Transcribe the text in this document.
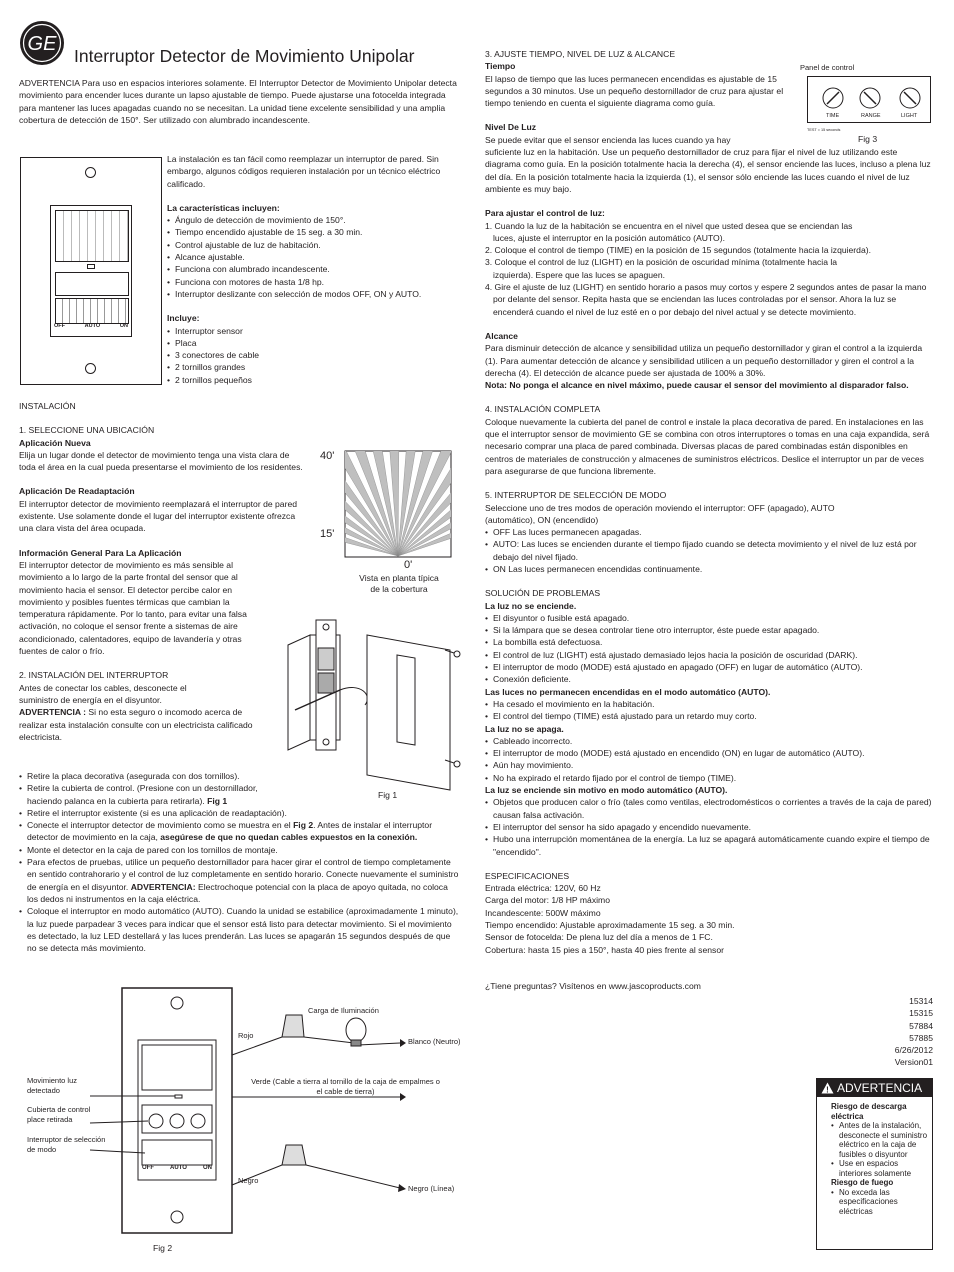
GE
Interruptor Detector de Movimiento Unipolar

ADVERTENCIA Para uso en espacios interiores solamente. El Interruptor Detector de Movimiento Unipolar detecta movimiento para encender luces durante un lapso ajustable de tiempo. Puede ajustarse una fotocelda integrada para mantener las luces apagadas cuando no se necesitan. La unidad tiene excelente sensibilidad y una amplia cobertura de detección de 150°. Ser utilizado con alumbrado incandescente.

OFF	AUTO	ON

La instalación es tan fácil como reemplazar un interruptor de pared. Sin embargo, algunos códigos requieren instalación por un técnico eléctrico calificado.

La características incluyen:

• Ángulo de detección de movimiento de 150°.
• Tiempo encendido ajustable de 15 seg. a 30 min.
• Control ajustable de luz de habitación.
• Alcance ajustable.
• Funciona con alumbrado incandescente.
• Funciona con motores de hasta 1/8 hp.
• Interruptor deslizante con selección de modos OFF, ON y AUTO.

Incluye:

• Interruptor sensor
• Placa
• 3 conectores de cable
• 2 tornillos grandes
• 2 tornillos pequeños

INSTALACIÓN

1. SELECCIONE UNA UBICACIÓN

Aplicación Nueva

Elija un lugar donde el detector de movimiento tenga una vista clara de toda el área en la cual pueda presentarse el movimiento de los residentes.

Aplicación De Readaptación

El interruptor detector de movimiento reemplazará el interruptor de pared existente. Use solamente donde el lugar del interruptor existente ofrezca una clara vista del área ocupada.

Información General Para La Aplicación

El interruptor detector de movimiento es más sensible al movimiento a lo largo de la parte frontal del sensor que al movimiento hacia el sensor. El detector percibe calor en movimiento y posibles fuentes térmicas que cambian la temperatura rápidamente. Por lo tanto, para evitar una falsa activación, no coloque el sensor frente a sistemas de aire acondicionado, calentadores, equipo de lavandería y otras fuentes de calor o frío.

2. INSTALACIÓN DEL INTERRUPTOR

Antes de conectar los cables, desconecte el suministro de energía en el disyuntor.

ADVERTENCIA : Si no esta seguro o incomodo acerca de realizar esta instalación consulte con un electricista calificado electricista.

• Retire la placa decorativa (asegurada con dos tornillos).
• Retire la cubierta de control. (Presione con un destornillador, haciendo palanca en la cubierta para retirarla). Fig 1
• Retire el interruptor existente (si es una aplicación de readaptación).
• Conecte el interruptor detector de movimiento como se muestra en el Fig 2. Antes de instalar el interruptor detector de movimiento en la caja, asegúrese de que no quedan cables expuestos en la conexión.
• Monte el detector en la caja de pared con los tornillos de montaje.
• Para efectos de pruebas, utilice un pequeño destornillador para hacer girar el control de tiempo completamente en sentido contrahorario y el control de luz completamente en sentido horario. Conecte nuevamente el suministro de energía en el disyuntor. ADVERTENCIA: Electrochoque potencial con la placa de apoyo quitada, no coloca los dedos ni instrumentos en la caja eléctrica.
• Coloque el interruptor en modo automático (AUTO). Cuando la unidad se estabilice (aproximadamente 1 minuto), la luz puede parpadear 3 veces para indicar que el sensor está listo para detectar movimiento. Si el movimiento es detectado, la luz LED destellará y las luces prenderán. Las luces se apagarán 15 segundos después de que no se detecta más movimiento.
40'
15'
0'

Vista en planta típica de la cobertura

Fig 1
Carga de Iluminación
Rojo
Blanco (Neutro)
Verde (Cable a tierra al tornillo de la caja de empalmes o el cable de tierra)
Negro
Negro (Línea)
Movimiento luz detectado
Cubierta de control place retirada
Interruptor de selección de modo
OFF	AUTO	ON
Fig 2

3. AJUSTE TIEMPO, NIVEL DE LUZ & ALCANCE

Tiempo

El lapso de tiempo que las luces permanecen encendidas es ajustable de 15 segundos a 30 minutos. Use un pequeño destornillador de cruz para ajustar el tiempo teniendo en cuenta el siguiente diagrama como guía.

Nivel De Luz

Se puede evitar que el sensor encienda las luces cuando ya hay

suficiente luz en la habitación. Use un pequeño destornillador de cruz para fijar el nivel de luz utilizando este diagrama como guía. En la posición totalmente hacia la derecha (4), el sensor enciende las luces, incluso a plena luz del día. En la posición totalmente hacia la izquierda (1), el sensor sólo enciende las luces cuando el nivel de luz ambiente es muy bajo.

Para ajustar el control de luz:

1. Cuando la luz de la habitación se encuentra en el nivel que usted desea que se enciendan las luces, ajuste el interruptor en la posición automático (AUTO).
2. Coloque el control de tiempo (TIME) en la posición de 15 segundos (totalmente hacia la izquierda).
3. Coloque el control de luz (LIGHT) en la posición de oscuridad mínima (totalmente hacia la izquierda). Espere que las luces se apaguen.
4. Gire el ajuste de luz (LIGHT) en sentido horario a pasos muy cortos y espere 2 segundos antes de pasar la mano por delante del sensor. Repita hasta que se enciendan las luces controladas por el sensor. Ahora la luz se encenderá cuando el nivel de luz esté en o por debajo del nivel actual y se detecte movimiento.

Alcance

Para disminuir detección de alcance y sensibilidad utiliza un pequeño destornillador y giran el control a la izquierda (1). Para aumentar detección de alcance y sensibilidad utilicen a un pequeño destornillador y giren el control a la derecha (4). El detección de alcance puede ser ajustada de 100% a 30%.

Nota: No ponga el alcance en nivel máximo, puede causar el sensor del movimiento al disparador falso.

4. INSTALACIÓN COMPLETA

Coloque nuevamente la cubierta del panel de control e instale la placa decorativa de pared. En instalaciones en las que el interruptor sensor de movimiento GE se combina con otros interruptores o tomas en una caja expandida, será necesario comprar una placa de pared combinada. Diversas placas de pared combinadas están disponibles en centros de materiales de construcción y almacenes de suministros eléctricos. Deslice el interruptor un par de veces para asegurarse de que funciona libremente.

5. INTERRUPTOR DE SELECCIÓN DE MODO

Seleccione uno de tres modos de operación moviendo el interruptor: OFF (apagado), AUTO (automático), ON (encendido)

• OFF Las luces permanecen apagadas.
• AUTO: Las luces se encienden durante el tiempo fijado cuando se detecta movimiento y el nivel de luz está por debajo del nivel fijado.
• ON Las luces permanecen encendidas continuamente.

SOLUCIÓN DE PROBLEMAS

La luz no se enciende.

• El disyuntor o fusible está apagado.
• Si la lámpara que se desea controlar tiene otro interruptor, éste puede estar apagado.
• La bombilla está defectuosa.
• El control de luz (LIGHT) está ajustado demasiado lejos hacia la posición de oscuridad (DARK).
• El interruptor de modo (MODE) está ajustado en apagado (OFF) en lugar de automático (AUTO).
• Conexión deficiente.

Las luces no permanecen encendidas en el modo automático (AUTO).

• Ha cesado el movimiento en la habitación.
• El control del tiempo (TIME) está ajustado para un retardo muy corto.

La luz no se apaga.

• Cableado incorrecto.
• El interruptor de modo (MODE) está ajustado en encendido (ON) en lugar de automático (AUTO).
• Aún hay movimiento.
• No ha expirado el retardo fijado por el control de tiempo (TIME).

La luz se enciende sin motivo en modo automático (AUTO).

• Objetos que producen calor o frío (tales como ventilas, electrodomésticos o corrientes a través de la caja de pared) causan falsa activación.
• El interruptor del sensor ha sido apagado y encendido nuevamente.
• Hubo una interrupción momentánea de la energía. La luz se apagará automáticamente cuando expire el tiempo de "encendido".

ESPECIFICACIONES

Entrada eléctrica: 120V, 60 Hz

Carga del motor: 1/8 HP máximo

Incandescente: 500W máximo

Tiempo encendido: Ajustable aproximadamente 15 seg. a 30 min.

Sensor de fotocelda: De plena luz del día a menos de 1 FC.

Cobertura: hasta 15 pies a 150°, hasta 40 pies frente al sensor

¿Tiene preguntas? Visítenos en www.jascoproducts.com

Panel de control
TIME	RANGE	LIGHT
TEST = 15 seconds
Fig 3

15314

15315

57884

57885

6/26/2012

Version01

! ADVERTENCIA

Riesgo de descarga eléctrica

• Antes de la instalación, desconecte el suministro eléctrico en la caja de fusibles o disyuntor
• Use en espacios interiores solamente

Riesgo de fuego

• No exceda las especificaciones eléctricas
